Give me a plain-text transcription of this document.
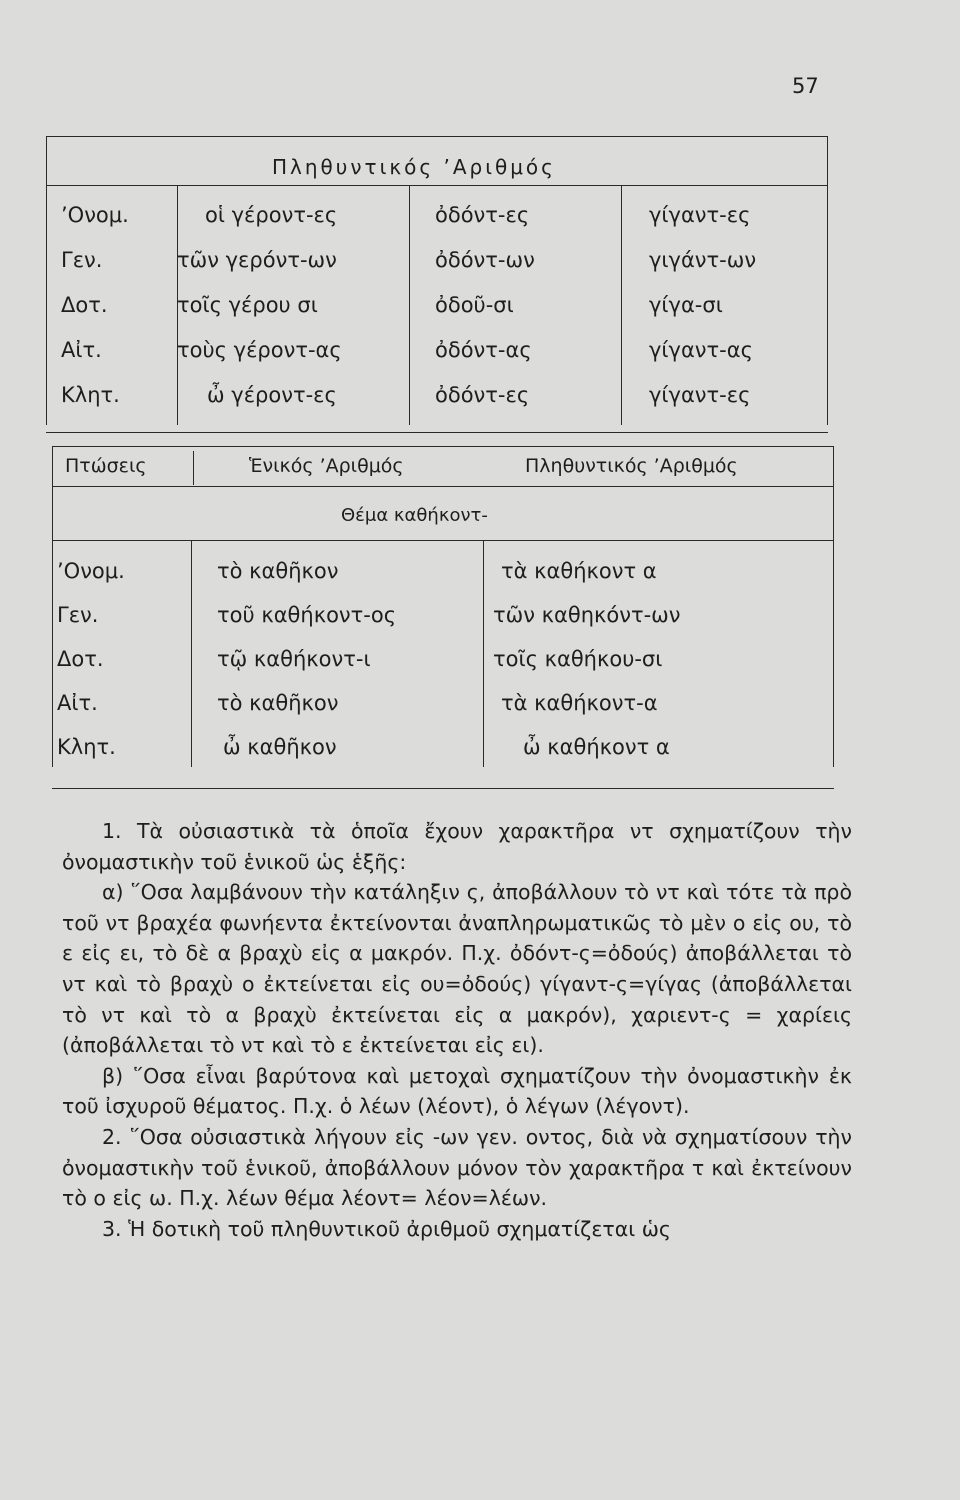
57
Πληθυντικός ’Αριθμός
’Ονομ.	οἱ γέροντ-ες	ὀδόντ-ες	γίγαντ-ες
Γεν.	τῶν γερόντ-ων	ὀδόντ-ων	γιγάντ-ων
Δοτ.	τοῖς γέρου σι	ὀδοῦ-σι	γίγα-σι
Αἰτ.	τοὺς γέροντ-ας	ὀδόντ-ας	γίγαντ-ας
Κλητ.	ὦ γέροντ-ες	ὀδόντ-ες	γίγαντ-ες
Πτώσεις	Ἑνικός ’Αριθμός	Πληθυντικός ’Αριθμός
Θέμα καθήκοντ-
’Ονομ.	τὸ καθῆκον	τὰ καθήκοντ α
Γεν.	τοῦ καθήκοντ-ος	τῶν καθηκόντ-ων
Δοτ.	τῷ καθήκοντ-ι	τοῖς καθήκου-σι
Αἰτ.	τὸ καθῆκον	τὰ καθήκοντ-α
Κλητ.	ὦ καθῆκον	ὦ καθήκοντ α

1. Τὰ οὐσιαστικὰ τὰ ὁποῖα ἔχουν χαρακτῆρα ντ σχηματίζουν τὴν ὀνομαστικὴν τοῦ ἑνικοῦ ὡς ἑξῆς:

α) ῞Οσα λαμβάνουν τὴν κατάληξιν ς, ἀποβάλλουν τὸ ντ καὶ τότε τὰ πρὸ τοῦ ντ βραχέα φωνήεντα ἐκτείνονται ἀναπληρωματικῶς τὸ μὲν ο εἰς ου, τὸ ε εἰς ει, τὸ δὲ α βραχὺ εἰς α μακρόν. Π.χ. ὀδόντ-ς=ὀδούς) ἀποβάλλεται τὸ ντ καὶ τὸ βραχὺ ο ἐκτείνεται εἰς ου=ὀδούς) γίγαντ-ς=γίγας (ἀποβάλλεται τὸ ντ καὶ τὸ α βραχὺ ἐκτείνεται εἰς α μακρόν), χαριεντ-ς = χαρίεις (ἀποβάλλεται τὸ ντ καὶ τὸ ε ἐκτείνεται εἰς ει).

β) ῞Οσα εἶναι βαρύτονα καὶ μετοχαὶ σχηματίζουν τὴν ὀνομαστικὴν ἐκ τοῦ ἰσχυροῦ θέματος. Π.χ. ὁ λέων (λέοντ), ὁ λέγων (λέγοντ).

2. ῞Οσα οὐσιαστικὰ λήγουν εἰς -ων γεν. οντος, διὰ νὰ σχηματίσουν τὴν ὀνομαστικὴν τοῦ ἑνικοῦ, ἀποβάλλουν μόνον τὸν χαρακτῆρα τ καὶ ἐκτείνουν τὸ ο εἰς ω. Π.χ. λέων θέμα λέοντ= λέον=λέων.

3. Ἡ δοτικὴ τοῦ πληθυντικοῦ ἀριθμοῦ σχηματίζεται ὡς
